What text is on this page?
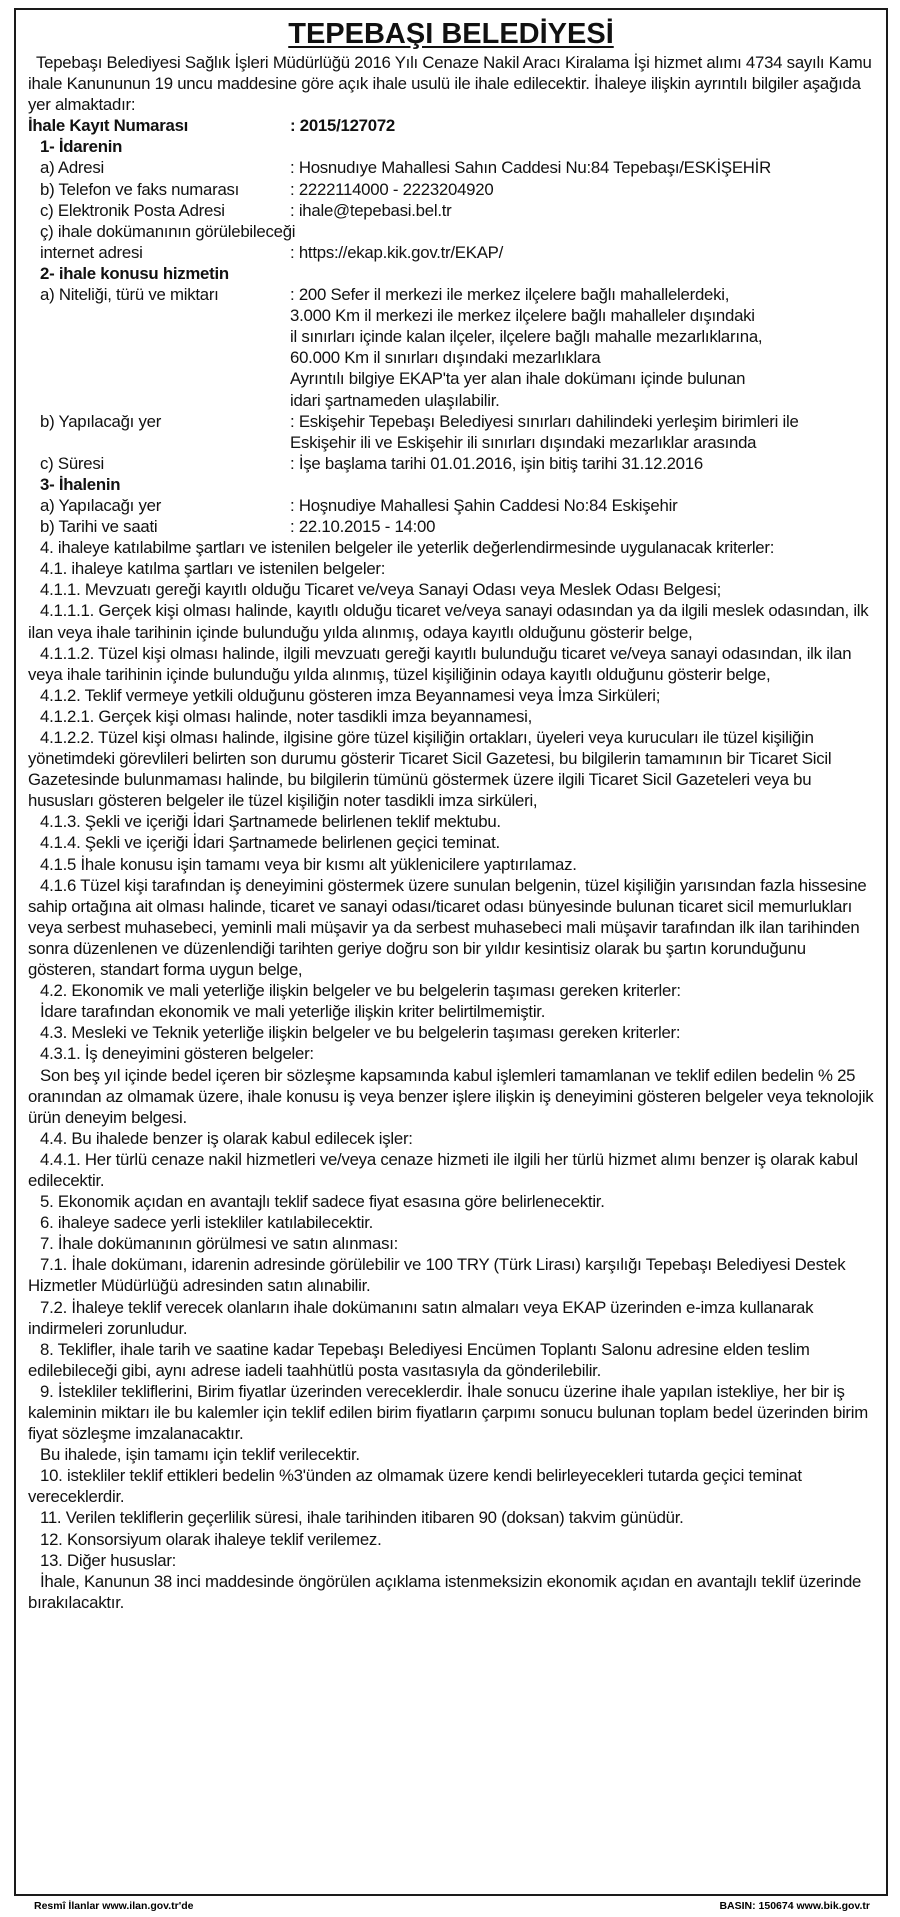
TEPEBAŞI BELEDİYESİ

Tepebaşı Belediyesi Sağlık İşleri Müdürlüğü 2016 Yılı Cenaze Nakil Aracı Kiralama İşi hizmet alımı 4734 sayılı Kamu ihale Kanununun 19 uncu maddesine göre açık ihale usulü ile ihale edilecektir. İhaleye ilişkin ayrıntılı bilgiler aşağıda yer almaktadır:

İhale Kayıt Numarası	: 2015/127072
1- İdarenin
a) Adresi	: Hosnudıye Mahallesi Sahın Caddesi Nu:84 Tepebaşı/ESKİŞEHİR
b) Telefon ve faks numarası	: 2222114000 - 2223204920
c) Elektronik Posta Adresi	: ihale@tepebasi.bel.tr
ç) ihale dokümanının görülebileceği
internet adresi	: https://ekap.kik.gov.tr/EKAP/
2- ihale konusu hizmetin
a) Niteliği, türü ve miktarı	: 200 Sefer il merkezi ile merkez ilçelere bağlı mahallelerdeki,
3.000 Km il merkezi ile merkez ilçelere bağlı mahalleler dışındaki
il sınırları içinde kalan ilçeler, ilçelere bağlı mahalle mezarlıklarına,
60.000 Km il sınırları dışındaki mezarlıklara
Ayrıntılı bilgiye EKAP'ta yer alan ihale dokümanı içinde bulunan
idari şartnameden ulaşılabilir.
b) Yapılacağı yer	: Eskişehir Tepebaşı Belediyesi sınırları dahilindeki yerleşim birimleri ile
Eskişehir ili ve Eskişehir ili sınırları dışındaki mezarlıklar arasında
c) Süresi	: İşe başlama tarihi 01.01.2016, işin bitiş tarihi 31.12.2016
3- İhalenin
a) Yapılacağı yer	: Hoşnudiye Mahallesi Şahin Caddesi No:84 Eskişehir
b) Tarihi ve saati	: 22.10.2015 - 14:00

4. ihaleye katılabilme şartları ve istenilen belgeler ile yeterlik değerlendirmesinde uygulanacak kriterler:

4.1. ihaleye katılma şartları ve istenilen belgeler:

4.1.1. Mevzuatı gereği kayıtlı olduğu Ticaret ve/veya Sanayi Odası veya Meslek Odası Belgesi;

4.1.1.1. Gerçek kişi olması halinde, kayıtlı olduğu ticaret ve/veya sanayi odasından ya da ilgili meslek odasından, ilk ilan veya ihale tarihinin içinde bulunduğu yılda alınmış, odaya kayıtlı olduğunu gösterir belge,

4.1.1.2. Tüzel kişi olması halinde, ilgili mevzuatı gereği kayıtlı bulunduğu ticaret ve/veya sanayi odasından, ilk ilan veya ihale tarihinin içinde bulunduğu yılda alınmış, tüzel kişiliğinin odaya kayıtlı olduğunu gösterir belge,

4.1.2. Teklif vermeye yetkili olduğunu gösteren imza Beyannamesi veya İmza Sirküleri;

4.1.2.1. Gerçek kişi olması halinde, noter tasdikli imza beyannamesi,

4.1.2.2. Tüzel kişi olması halinde, ilgisine göre tüzel kişiliğin ortakları, üyeleri veya kurucuları ile tüzel kişiliğin yönetimdeki görevlileri belirten son durumu gösterir Ticaret Sicil Gazetesi, bu bilgilerin tamamının bir Ticaret Sicil Gazetesinde bulunmaması halinde, bu bilgilerin tümünü göstermek üzere ilgili Ticaret Sicil Gazeteleri veya bu hususları gösteren belgeler ile tüzel kişiliğin noter tasdikli imza sirküleri,

4.1.3. Şekli ve içeriği İdari Şartnamede belirlenen teklif mektubu.

4.1.4. Şekli ve içeriği İdari Şartnamede belirlenen geçici teminat.

4.1.5 İhale konusu işin tamamı veya bir kısmı alt yüklenicilere yaptırılamaz.

4.1.6 Tüzel kişi tarafından iş deneyimini göstermek üzere sunulan belgenin, tüzel kişiliğin yarısından fazla hissesine sahip ortağına ait olması halinde, ticaret ve sanayi odası/ticaret odası bünyesinde bulunan ticaret sicil memurlukları veya serbest muhasebeci, yeminli mali müşavir ya da serbest muhasebeci mali müşavir tarafından ilk ilan tarihinden sonra düzenlenen ve düzenlendiği tarihten geriye doğru son bir yıldır kesintisiz olarak bu şartın korunduğunu gösteren, standart forma uygun belge,

4.2. Ekonomik ve mali yeterliğe ilişkin belgeler ve bu belgelerin taşıması gereken kriterler:

İdare tarafından ekonomik ve mali yeterliğe ilişkin kriter belirtilmemiştir.

4.3. Mesleki ve Teknik yeterliğe ilişkin belgeler ve bu belgelerin taşıması gereken kriterler:

4.3.1. İş deneyimini gösteren belgeler:

Son beş yıl içinde bedel içeren bir sözleşme kapsamında kabul işlemleri tamamlanan ve teklif edilen bedelin % 25 oranından az olmamak üzere, ihale konusu iş veya benzer işlere ilişkin iş deneyimini gösteren belgeler veya teknolojik ürün deneyim belgesi.

4.4. Bu ihalede benzer iş olarak kabul edilecek işler:

4.4.1. Her türlü cenaze nakil hizmetleri ve/veya cenaze hizmeti ile ilgili her türlü hizmet alımı benzer iş olarak kabul edilecektir.

5. Ekonomik açıdan en avantajlı teklif sadece fiyat esasına göre belirlenecektir.

6. ihaleye sadece yerli istekliler katılabilecektir.

7. İhale dokümanının görülmesi ve satın alınması:

7.1. İhale dokümanı, idarenin adresinde görülebilir ve 100 TRY (Türk Lirası) karşılığı Tepebaşı Belediyesi Destek Hizmetler Müdürlüğü adresinden satın alınabilir.

7.2. İhaleye teklif verecek olanların ihale dokümanını satın almaları veya EKAP üzerinden e-imza kullanarak indirmeleri zorunludur.

8. Teklifler, ihale tarih ve saatine kadar Tepebaşı Belediyesi Encümen Toplantı Salonu adresine elden teslim edilebileceği gibi, aynı adrese iadeli taahhütlü posta vasıtasıyla da gönderilebilir.

9. İstekliler tekliflerini, Birim fiyatlar üzerinden vereceklerdir. İhale sonucu üzerine ihale yapılan istekliye, her bir iş kaleminin miktarı ile bu kalemler için teklif edilen birim fiyatların çarpımı sonucu bulunan toplam bedel üzerinden birim fiyat sözleşme imzalanacaktır.

Bu ihalede, işin tamamı için teklif verilecektir.

10. istekliler teklif ettikleri bedelin %3'ünden az olmamak üzere kendi belirleyecekleri tutarda geçici teminat vereceklerdir.

11. Verilen tekliflerin geçerlilik süresi, ihale tarihinden itibaren 90 (doksan) takvim günüdür.

12. Konsorsiyum olarak ihaleye teklif verilemez.

13. Diğer hususlar:

İhale, Kanunun 38 inci maddesinde öngörülen açıklama istenmeksizin ekonomik açıdan en avantajlı teklif üzerinde bırakılacaktır.

Resmî İlanlar www.ilan.gov.tr'de	BASIN: 150674 www.bik.gov.tr
